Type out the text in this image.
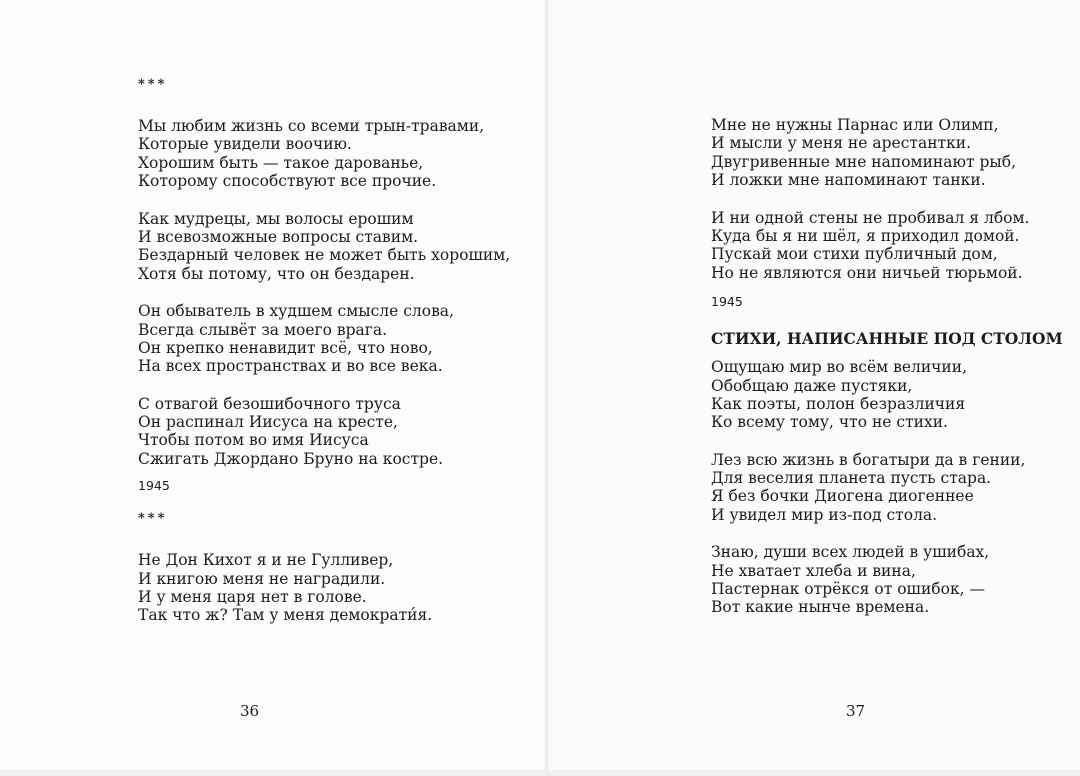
***
Мы любим жизнь со всеми трын-травами,
Которые увидели воочию.
Хорошим быть — такое дарованье,
Которому способствуют все прочие.
Как мудрецы, мы волосы ерошим
И всевозможные вопросы ставим.
Бездарный человек не может быть хорошим,
Хотя бы потому, что он бездарен.
Он обыватель в худшем смысле слова,
Всегда слывёт за моего врага.
Он крепко ненавидит всё, что ново,
На всех пространствах и во все века.
С отвагой безошибочного труса
Он распинал Иисуса на кресте,
Чтобы потом во имя Иисуса
Сжигать Джордано Бруно на костре.
1945
***
Не Дон Кихот я и не Гулливер,
И книгою меня не наградили.
И у меня царя нет в голове.
Так что ж? Там у меня демократи́я.
36
Мне не нужны Парнас или Олимп,
И мысли у меня не арестантки.
Двугривенные мне напоминают рыб,
И ложки мне напоминают танки.
И ни одной стены не пробивал я лбом.
Куда бы я ни шёл, я приходил домой.
Пускай мои стихи публичный дом,
Но не являются они ничьей тюрьмой.
1945
СТИХИ, НАПИСАННЫЕ ПОД СТОЛОМ
Ощущаю мир во всём величии,
Обобщаю даже пустяки,
Как поэты, полон безразличия
Ко всему тому, что не стихи.
Лез всю жизнь в богатыри да в гении,
Для веселия планета пусть стара.
Я без бочки Диогена диогеннее
И увидел мир из-под стола.
Знаю, души всех людей в ушибах,
Не хватает хлеба и вина,
Пастернак отрёкся от ошибок, —
Вот какие нынче времена.
37
